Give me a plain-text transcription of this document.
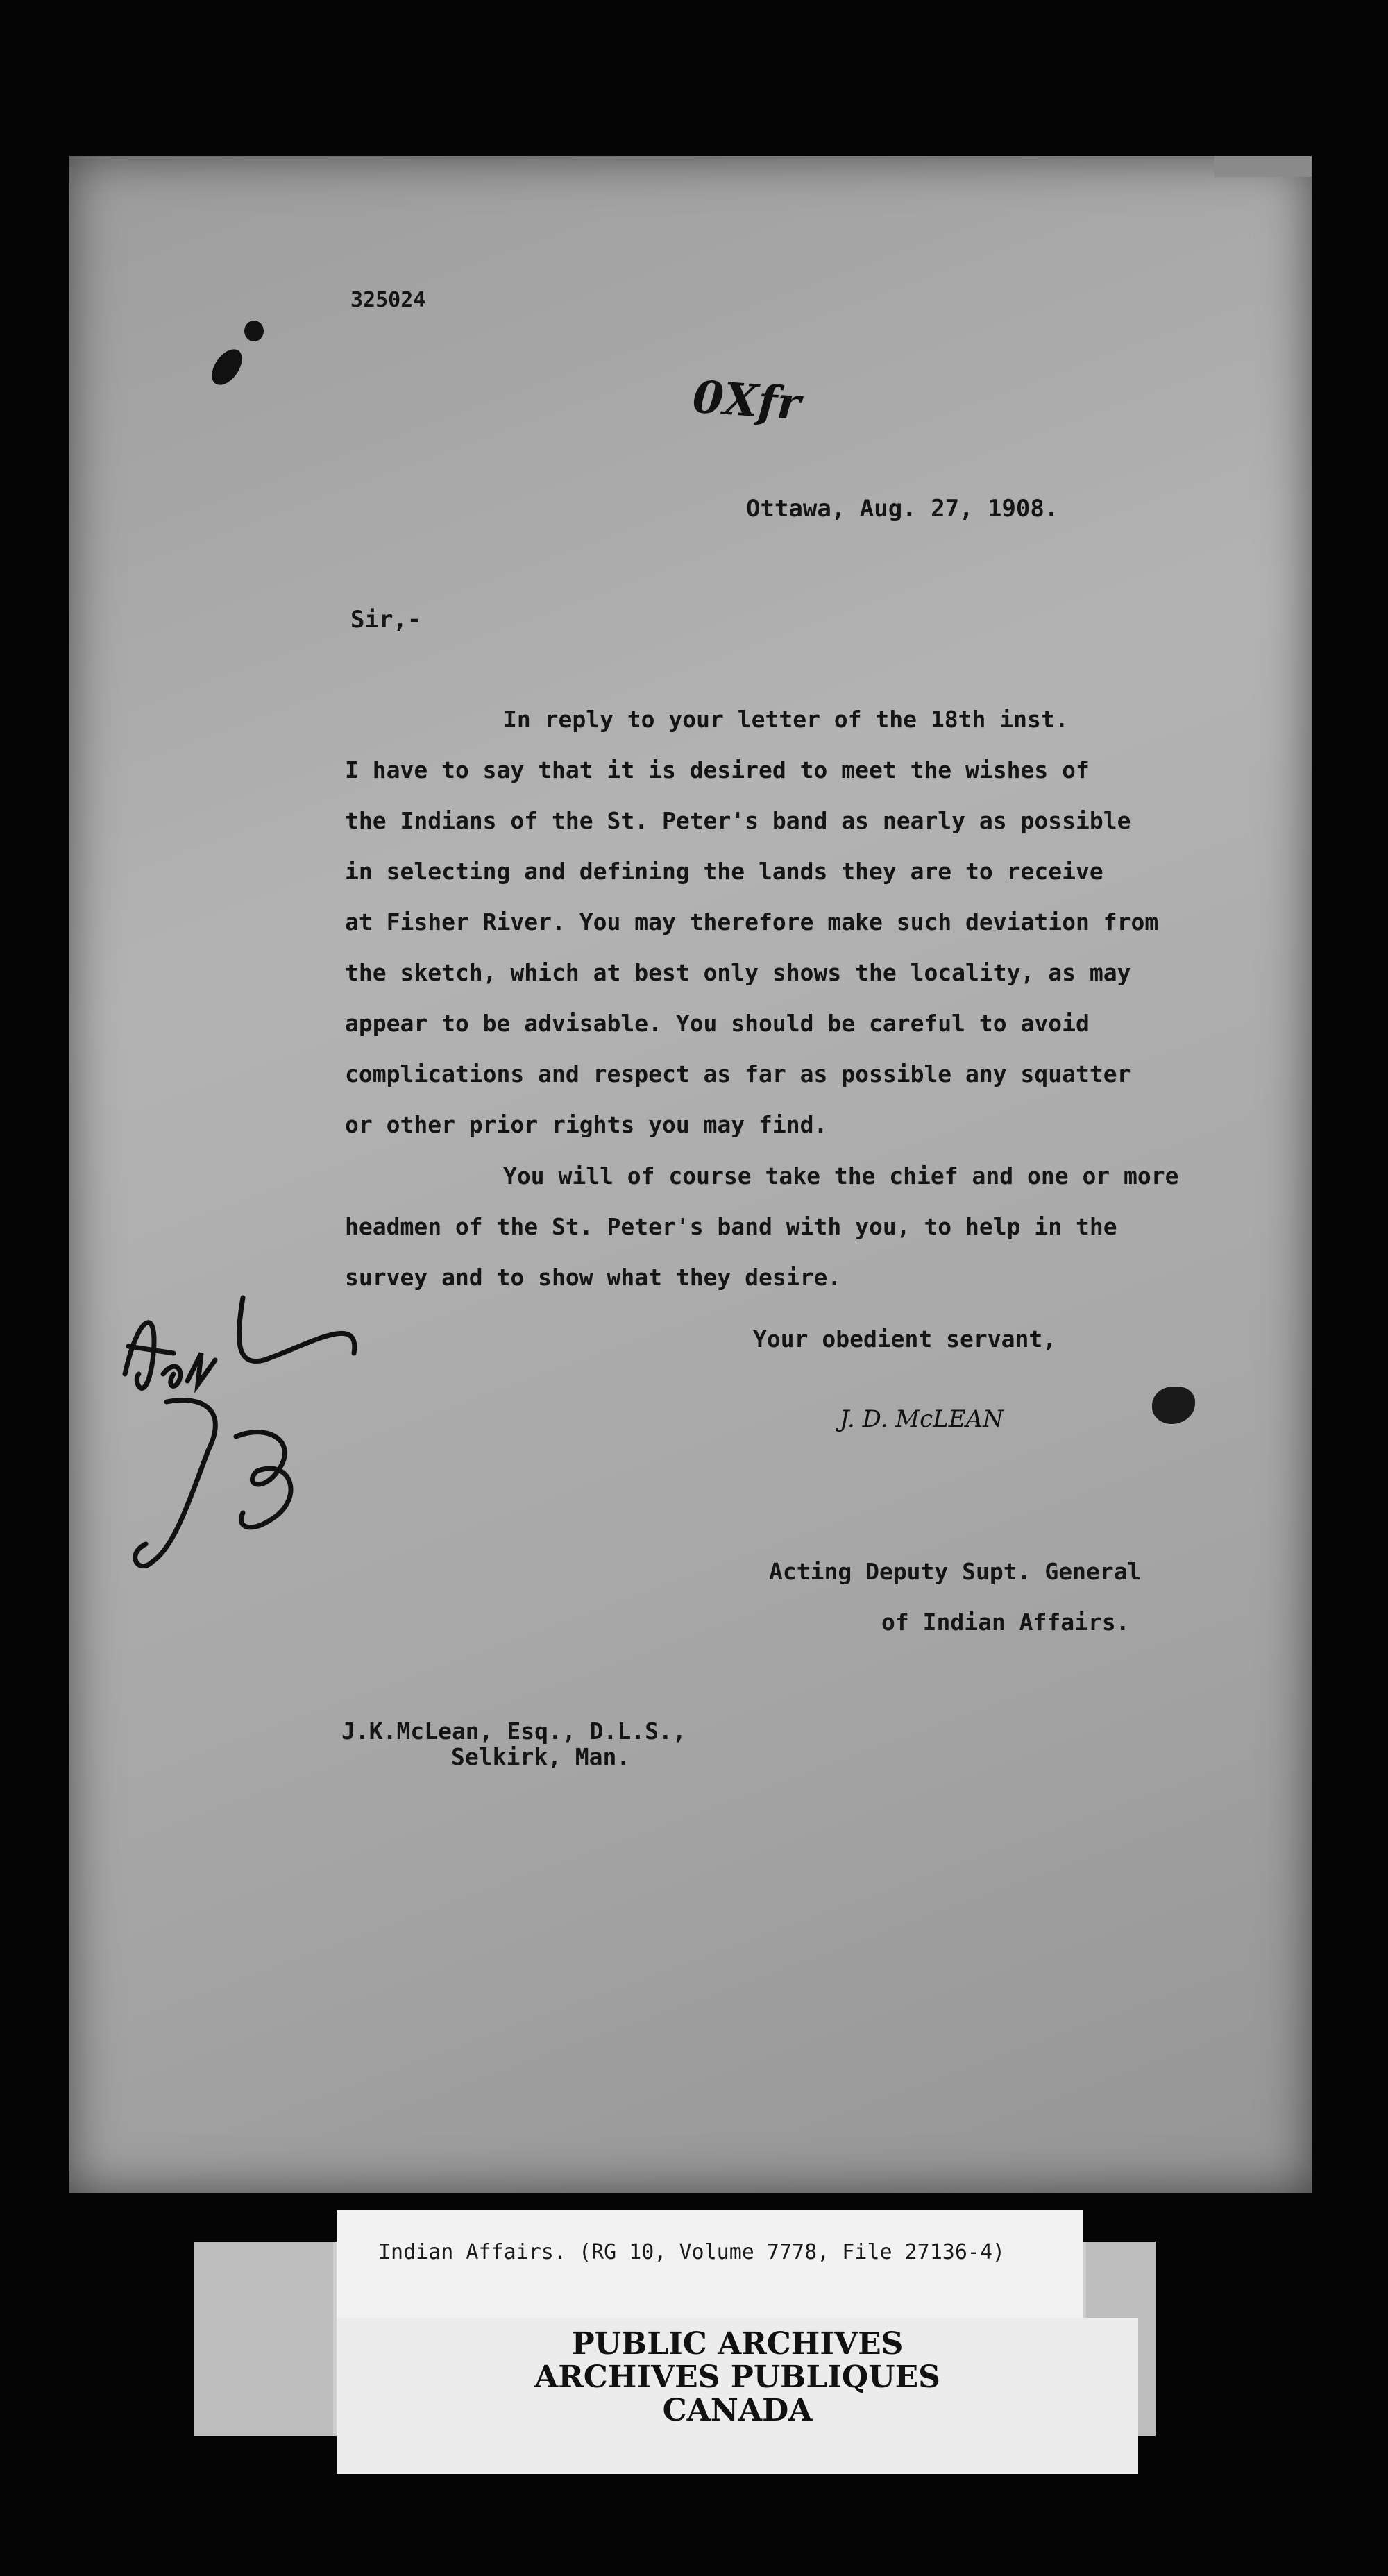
325024
0Xfr
Ottawa, Aug. 27, 1908.
Sir,-
In reply to your letter of the 18th inst.
I have to say that it is desired to meet the wishes of
the Indians of the St. Peter's band as nearly as possible
in selecting and defining the lands they are to receive
at Fisher River. You may therefore make such deviation from
the sketch, which at best only shows the locality, as may
appear to be advisable. You should be careful to avoid
complications and respect as far as possible any squatter
or other prior rights you may find.
You will of course take the chief and one or more
headmen of the St. Peter's band with you, to help in the
survey and to show what they desire.
Your obedient servant,
J. D. McLEAN
Acting Deputy Supt. General
of Indian Affairs.
J.K.McLean, Esq., D.L.S.,
Selkirk, Man.
Indian Affairs. (RG 10, Volume 7778, File 27136-4)
PUBLIC ARCHIVES
ARCHIVES PUBLIQUES
CANADA
